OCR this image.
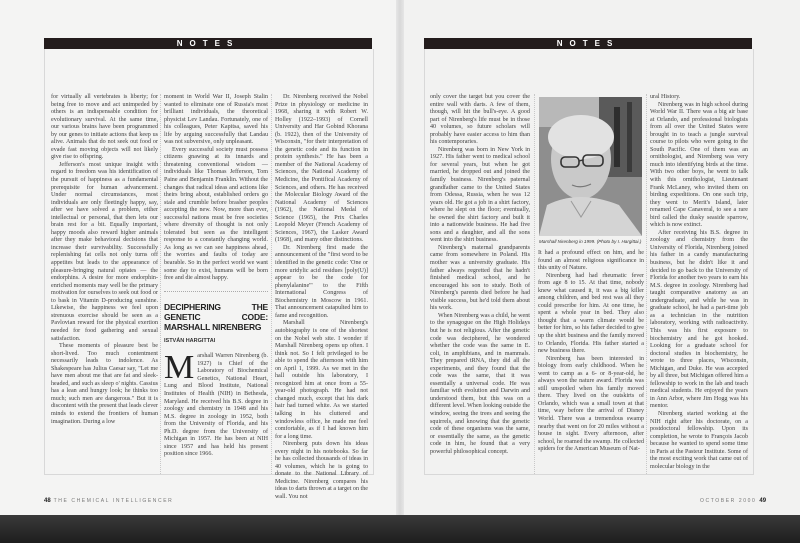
NOTES

for virtually all vertebrates is liberty; for being free to move and act unimpeded by others is an indispensable condition for evolutionary survival. At the same time, our various brains have been programmed by our genes to initiate actions that keep us alive. Animals that do not seek out food or evade fast moving objects will not likely give rise to offspring.

Jefferson's most unique insight with regard to freedom was his identification of the pursuit of happiness as a fundamental prerequisite for human advancement. Under normal circumstances, most individuals are only fleetingly happy, say, after we have solved a problem, either intellectual or personal, that then lets our brain rest for a bit. Equally important, happy moods also reward higher animals after they make behavioral decisions that increase their survivability. Successfully replenishing fat cells not only turns off appetites but leads to the appearance of pleasure-bringing natural opiates — the endorphins. A desire for more endorphin-enriched moments may well be the primary motivation for ourselves to seek out food or to bask in Vitamin D-producing sunshine. Likewise, the happiness we feel upon strenuous exercise should be seen as a Pavlovian reward for the physical exertion needed for food gathering and sexual satisfaction.

These moments of pleasure best be short-lived. Too much contentment necessarily leads to indolence. As Shakespeare has Julius Caesar say, "Let me have men about me that are fat and sleek-headed, and such as sleep o' nights. Cassius has a lean and hungry look; he thinks too much; such men are dangerous." But it is discontent with the present that leads clever minds to extend the frontiers of human imagination. During a low

moment in World War II, Joseph Stalin wanted to eliminate one of Russia's most brilliant individuals, the theoretical physicist Lev Landau. Fortunately, one of his colleagues, Peter Kapitsa, saved his life by arguing successfully that Landau was not subversive, only unpleasant.

Every successful society must possess citizens gnawing at its innards and threatening conventional wisdom — individuals like Thomas Jefferson, Tom Paine and Benjamin Franklin. Without the changes that radical ideas and actions like theirs bring about, established orders go stale and crumble before brasher peoples accepting the new. Now, more than ever, successful nations must be free societies where diversity of thought is not only tolerated but seen as the intelligent response to a constantly changing world. As long as we can see happiness ahead, the worries and faults of today are bearable. So in the perfect world we want some day to exist, humans will be born free and die almost happy.

DECIPHERING THE GENETIC CODE: MARSHALL NIRENBERG
ISTVÁN HARGITTAI

Marshall Warren Nirenberg (b. 1927) is Chief of the Laboratory of Biochemical Genetics, National Heart, Lung and Blood Institute, National Institutes of Health (NIH) in Bethesda, Maryland. He received his B.S. degree in zoology and chemistry in 1948 and his M.S. degree in zoology in 1952, both from the University of Florida, and his Ph.D. degree from the University of Michigan in 1957. He has been at NIH since 1957 and has held his present position since 1966.

Dr. Nirenberg received the Nobel Prize in physiology or medicine in 1968, sharing it with Robert W. Holley (1922–1993) of Cornell University and Har Gobind Khorana (b. 1922), then of the University of Wisconsin, "for their interpretation of the genetic code and its function in protein synthesis." He has been a member of the National Academy of Sciences, the National Academy of Medicine, the Pontifical Academy of Sciences, and others. He has received the Molecular Biology Award of the National Academy of Sciences (1962), the National Medal of Science (1965), the Prix Charles Leopold Meyer (French Academy of Sciences, 1967), the Lasker Award (1968), and many other distinctions.

Dr. Nirenberg first made the announcement of the "first word to be identified in the genetic code: 'One or more uridylic acid residues [poly(U)] appear to be the code for phenylalanine'" to the Fifth International Congress of Biochemistry in Moscow in 1961. That announcement catapulted him to fame and recognition.

Marshall Nirenberg's autobiography is one of the shortest on the Nobel web site. I wonder if Marshall Nirenberg opens up often. I think not. So I felt privileged to be able to spend the afternoon with him on April 1, 1999. As we met in the hall outside his laboratory, I recognized him at once from a 55-year-old photograph. He had not changed much, except that his dark hair had turned white. As we started talking in his cluttered and windowless office, he made me feel comfortable, as if I had known him for a long time.

Nirenberg puts down his ideas every night in his notebooks. So far he has collected thousands of ideas in 40 volumes, which he is going to donate to the National Library of Medicine. Nirenberg compares his ideas to darts thrown at a target on the wall. You not

48 THE CHEMICAL INTELLIGENCER
NOTES

only cover the target but you cover the entire wall with darts. A few of them, though, will hit the bull's-eye. A good part of Nirenberg's life must be in those 40 volumes, so future scholars will probably have easier access to him than his contemporaries.

Nirenberg was born in New York in 1927. His father went to medical school for several years, but when he got married, he dropped out and joined the family business. Nirenberg's paternal grandfather came to the United States from Odessa, Russia, when he was 12 years old. He got a job in a shirt factory, where he slept on the floor; eventually, he owned the shirt factory and built it into a nationwide business. He had five sons and a daughter, and all the sons went into the shirt business.

Nirenberg's maternal grandparents came from somewhere in Poland. His mother was a university graduate. His father always regretted that he hadn't finished medical school, and he encouraged his son to study. Both of Nirenberg's parents died before he had visible success, but he'd told them about his work.

When Nirenberg was a child, he went to the synagogue on the High Holidays but he is not religious. After the genetic code was deciphered, he wondered whether the code was the same in E. coli, in amphibians, and in mammals. They prepared tRNA, they did all the experiments, and they found that the code was the same, that it was essentially a universal code. He was familiar with evolution and Darwin and understood them, but this was on a different level. When looking outside the window, seeing the trees and seeing the squirrels, and knowing that the genetic code of these organisms was the same, or essentially the same, as the genetic code in him, he found that a very powerful philosophical concept.

Marshall Nirenberg in 1999. (Photo by I. Hargittai.)

It had a profound effect on him, and he found an almost religious significance in this unity of Nature.

Nirenberg had had rheumatic fever from age 8 to 15. At that time, nobody knew what caused it, it was a big killer among children, and bed rest was all they could prescribe for him. At one time, he spent a whole year in bed. They also thought that a warm climate would be better for him, so his father decided to give up the shirt business and the family moved to Orlando, Florida. His father started a new business there.

Nirenberg has been interested in biology from early childhood. When he went to camp as a 6- or 8-year-old, he always won the nature award. Florida was still unspoiled when his family moved there. They lived on the outskirts of Orlando, which was a small town at that time, way before the arrival of Disney World. There was a tremendous swamp nearby that went on for 20 miles without a house in sight. Every afternoon, after school, he roamed the swamp. He collected spiders for the American Museum of Nat-

ural History.

Nirenberg was in high school during World War II. There was a big air base at Orlando, and professional biologists from all over the United States were brought in to teach a jungle survival course to pilots who were going to the South Pacific. One of them was an ornithologist, and Nirenberg was very much into identifying birds at the time. With two other boys, he went to talk with this ornithologist, Lieutenant Frank McLaney, who invited them on birding expeditions. On one such trip, they went to Merit's Island, later renamed Cape Canaveral, to see a rare bird called the dusky seaside sparrow, which is now extinct.

After receiving his B.S. degree in zoology and chemistry from the University of Florida, Nirenberg joined his father in a candy manufacturing business, but he didn't like it and decided to go back to the University of Florida for another two years to earn his M.S. degree in zoology. Nirenberg had taught comparative anatomy as an undergraduate, and while he was in graduate school, he had a part-time job as a technician in the nutrition laboratory, working with radioactivity. This was his first exposure to biochemistry and he got hooked. Looking for a graduate school for doctoral studies in biochemistry, he wrote to three places, Wisconsin, Michigan, and Duke. He was accepted by all three, but Michigan offered him a fellowship to work in the lab and teach medical students. He enjoyed the years in Ann Arbor, where Jim Hogg was his mentor.

Nirenberg started working at the NIH right after his doctorate, on a postdoctoral fellowship. Upon its completion, he wrote to François Jacob because he wanted to spend some time in Paris at the Pasteur Institute. Some of the most exciting work that came out of molecular biology in the

OCTOBER 2000 49
